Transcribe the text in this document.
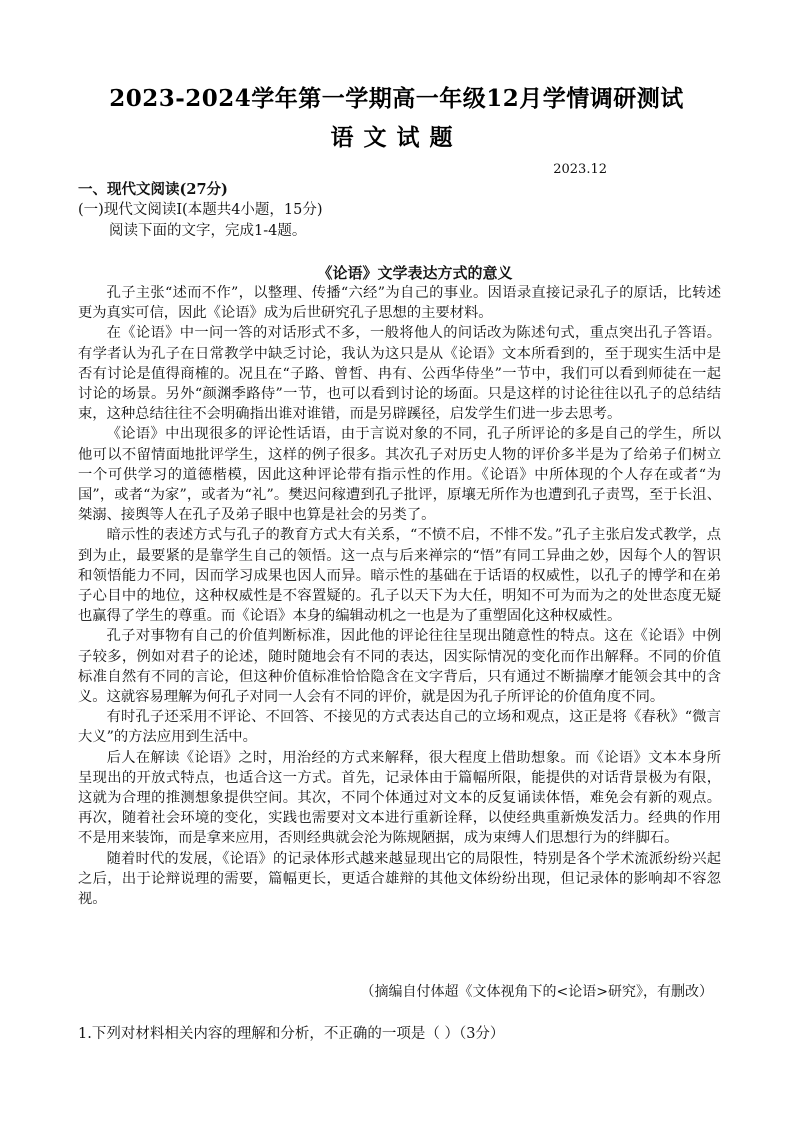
2023-2024学年第一学期高一年级12月学情调研测试
语文试题
2023.12
一、现代文阅读(27分)
(一)现代文阅读Ⅰ(本题共4小题，15分)
阅读下面的文字，完成1-4题。
《论语》文学表达方式的意义

孔子主张“述而不作”，以整理、传播“六经”为自己的事业。因语录直接记录孔子的原话，比转述更为真实可信，因此《论语》成为后世研究孔子思想的主要材料。

在《论语》中一问一答的对话形式不多，一般将他人的问话改为陈述句式，重点突出孔子答语。有学者认为孔子在日常教学中缺乏讨论，我认为这只是从《论语》文本所看到的，至于现实生活中是否有讨论是值得商榷的。况且在“子路、曾皙、冉有、公西华侍坐”一节中，我们可以看到师徒在一起讨论的场景。另外“颜渊季路侍”一节，也可以看到讨论的场面。只是这样的讨论往往以孔子的总结结束，这种总结往往不会明确指出谁对谁错，而是另辟蹊径，启发学生们进一步去思考。

《论语》中出现很多的评论性话语，由于言说对象的不同，孔子所评论的多是自己的学生，所以他可以不留情面地批评学生，这样的例子很多。其次孔子对历史人物的评价多半是为了给弟子们树立一个可供学习的道德楷模，因此这种评论带有指示性的作用。《论语》中所体现的个人存在或者“为国”，或者“为家”，或者为“礼”。樊迟问稼遭到孔子批评，原壤无所作为也遭到孔子责骂，至于长沮、桀溺、接舆等人在孔子及弟子眼中也算是社会的另类了。

暗示性的表述方式与孔子的教育方式大有关系，“不愤不启，不悱不发。”孔子主张启发式教学，点到为止，最要紧的是靠学生自己的领悟。这一点与后来禅宗的“悟”有同工异曲之妙，因每个人的智识和领悟能力不同，因而学习成果也因人而异。暗示性的基础在于话语的权威性，以孔子的博学和在弟子心目中的地位，这种权威性是不容置疑的。孔子以天下为大任，明知不可为而为之的处世态度无疑也赢得了学生的尊重。而《论语》本身的编辑动机之一也是为了重塑固化这种权威性。

孔子对事物有自己的价值判断标准，因此他的评论往往呈现出随意性的特点。这在《论语》中例子较多，例如对君子的论述，随时随地会有不同的表达，因实际情况的变化而作出解释。不同的价值标准自然有不同的言论，但这种价值标准恰恰隐含在文字背后，只有通过不断揣摩才能领会其中的含义。这就容易理解为何孔子对同一人会有不同的评价，就是因为孔子所评论的价值角度不同。

有时孔子还采用不评论、不回答、不接见的方式表达自己的立场和观点，这正是将《春秋》“微言大义”的方法应用到生活中。

后人在解读《论语》之时，用治经的方式来解释，很大程度上借助想象。而《论语》文本本身所呈现出的开放式特点，也适合这一方式。首先，记录体由于篇幅所限，能提供的对话背景极为有限，这就为合理的推测想象提供空间。其次，不同个体通过对文本的反复诵读体悟，难免会有新的观点。再次，随着社会环境的变化，实践也需要对文本进行重新诠释，以使经典重新焕发活力。经典的作用不是用来装饰，而是拿来应用，否则经典就会沦为陈规陋据，成为束缚人们思想行为的绊脚石。

随着时代的发展，《论语》的记录体形式越来越显现出它的局限性，特别是各个学术流派纷纷兴起之后，出于论辩说理的需要，篇幅更长，更适合雄辩的其他文体纷纷出现，但记录体的影响却不容忽视。

（摘编自付体超《文体视角下的<论语>研究》，有删改）
1.下列对材料相关内容的理解和分析，不正确的一项是（ ）（3分）
